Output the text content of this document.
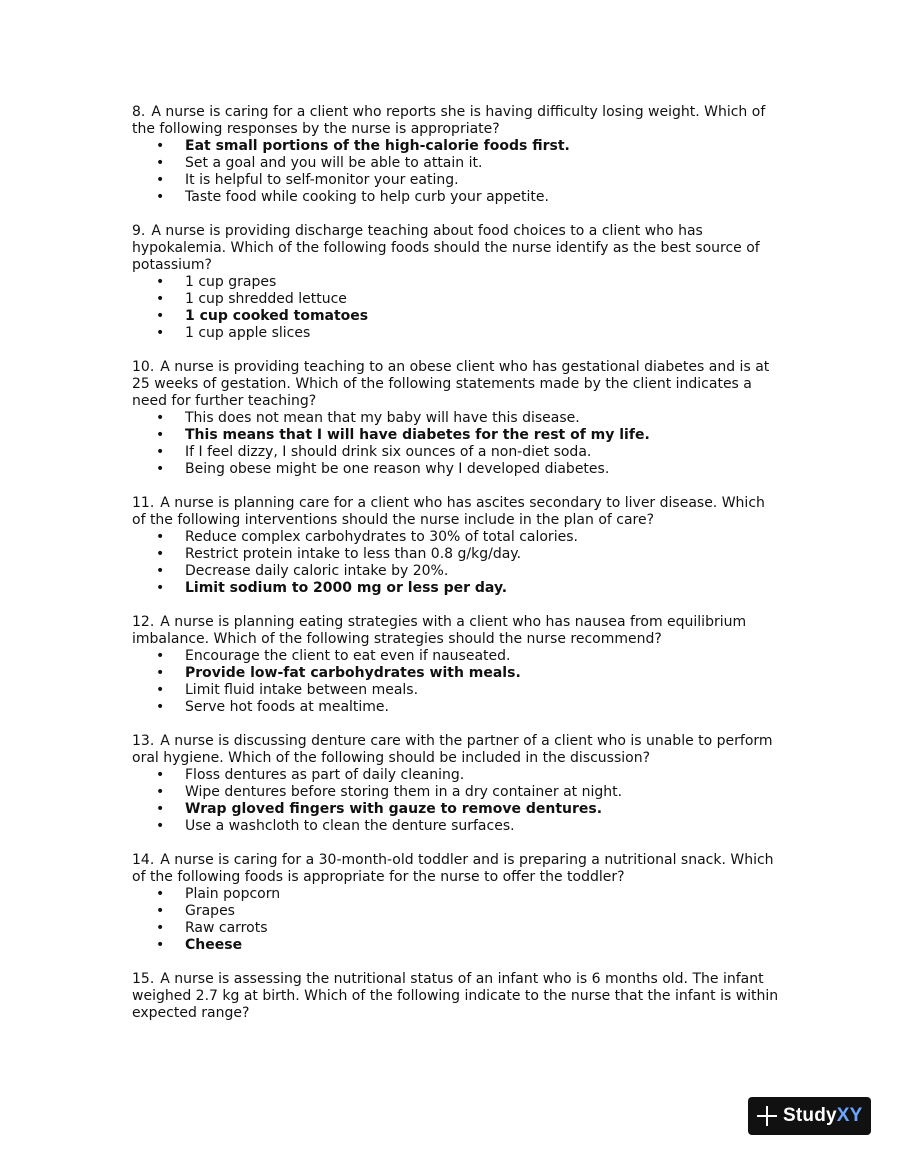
8. A nurse is caring for a client who reports she is having difficulty losing weight. Which of the following responses by the nurse is appropriate?

• Eat small portions of the high-calorie foods first.
• Set a goal and you will be able to attain it.
• It is helpful to self-monitor your eating.
• Taste food while cooking to help curb your appetite.

9. A nurse is providing discharge teaching about food choices to a client who has hypokalemia. Which of the following foods should the nurse identify as the best source of potassium?

• 1 cup grapes
• 1 cup shredded lettuce
• 1 cup cooked tomatoes
• 1 cup apple slices

10. A nurse is providing teaching to an obese client who has gestational diabetes and is at 25 weeks of gestation. Which of the following statements made by the client indicates a need for further teaching?

• This does not mean that my baby will have this disease.
• This means that I will have diabetes for the rest of my life.
• If I feel dizzy, I should drink six ounces of a non-diet soda.
• Being obese might be one reason why I developed diabetes.

11. A nurse is planning care for a client who has ascites secondary to liver disease. Which of the following interventions should the nurse include in the plan of care?

• Reduce complex carbohydrates to 30% of total calories.
• Restrict protein intake to less than 0.8 g/kg/day.
• Decrease daily caloric intake by 20%.
• Limit sodium to 2000 mg or less per day.

12. A nurse is planning eating strategies with a client who has nausea from equilibrium imbalance. Which of the following strategies should the nurse recommend?

• Encourage the client to eat even if nauseated.
• Provide low-fat carbohydrates with meals.
• Limit fluid intake between meals.
• Serve hot foods at mealtime.

13. A nurse is discussing denture care with the partner of a client who is unable to perform oral hygiene. Which of the following should be included in the discussion?

• Floss dentures as part of daily cleaning.
• Wipe dentures before storing them in a dry container at night.
• Wrap gloved fingers with gauze to remove dentures.
• Use a washcloth to clean the denture surfaces.

14. A nurse is caring for a 30-month-old toddler and is preparing a nutritional snack. Which of the following foods is appropriate for the nurse to offer the toddler?

• Plain popcorn
• Grapes
• Raw carrots
• Cheese

15. A nurse is assessing the nutritional status of an infant who is 6 months old. The infant weighed 2.7 kg at birth. Which of the following indicate to the nurse that the infant is within expected range?

StudyXY
